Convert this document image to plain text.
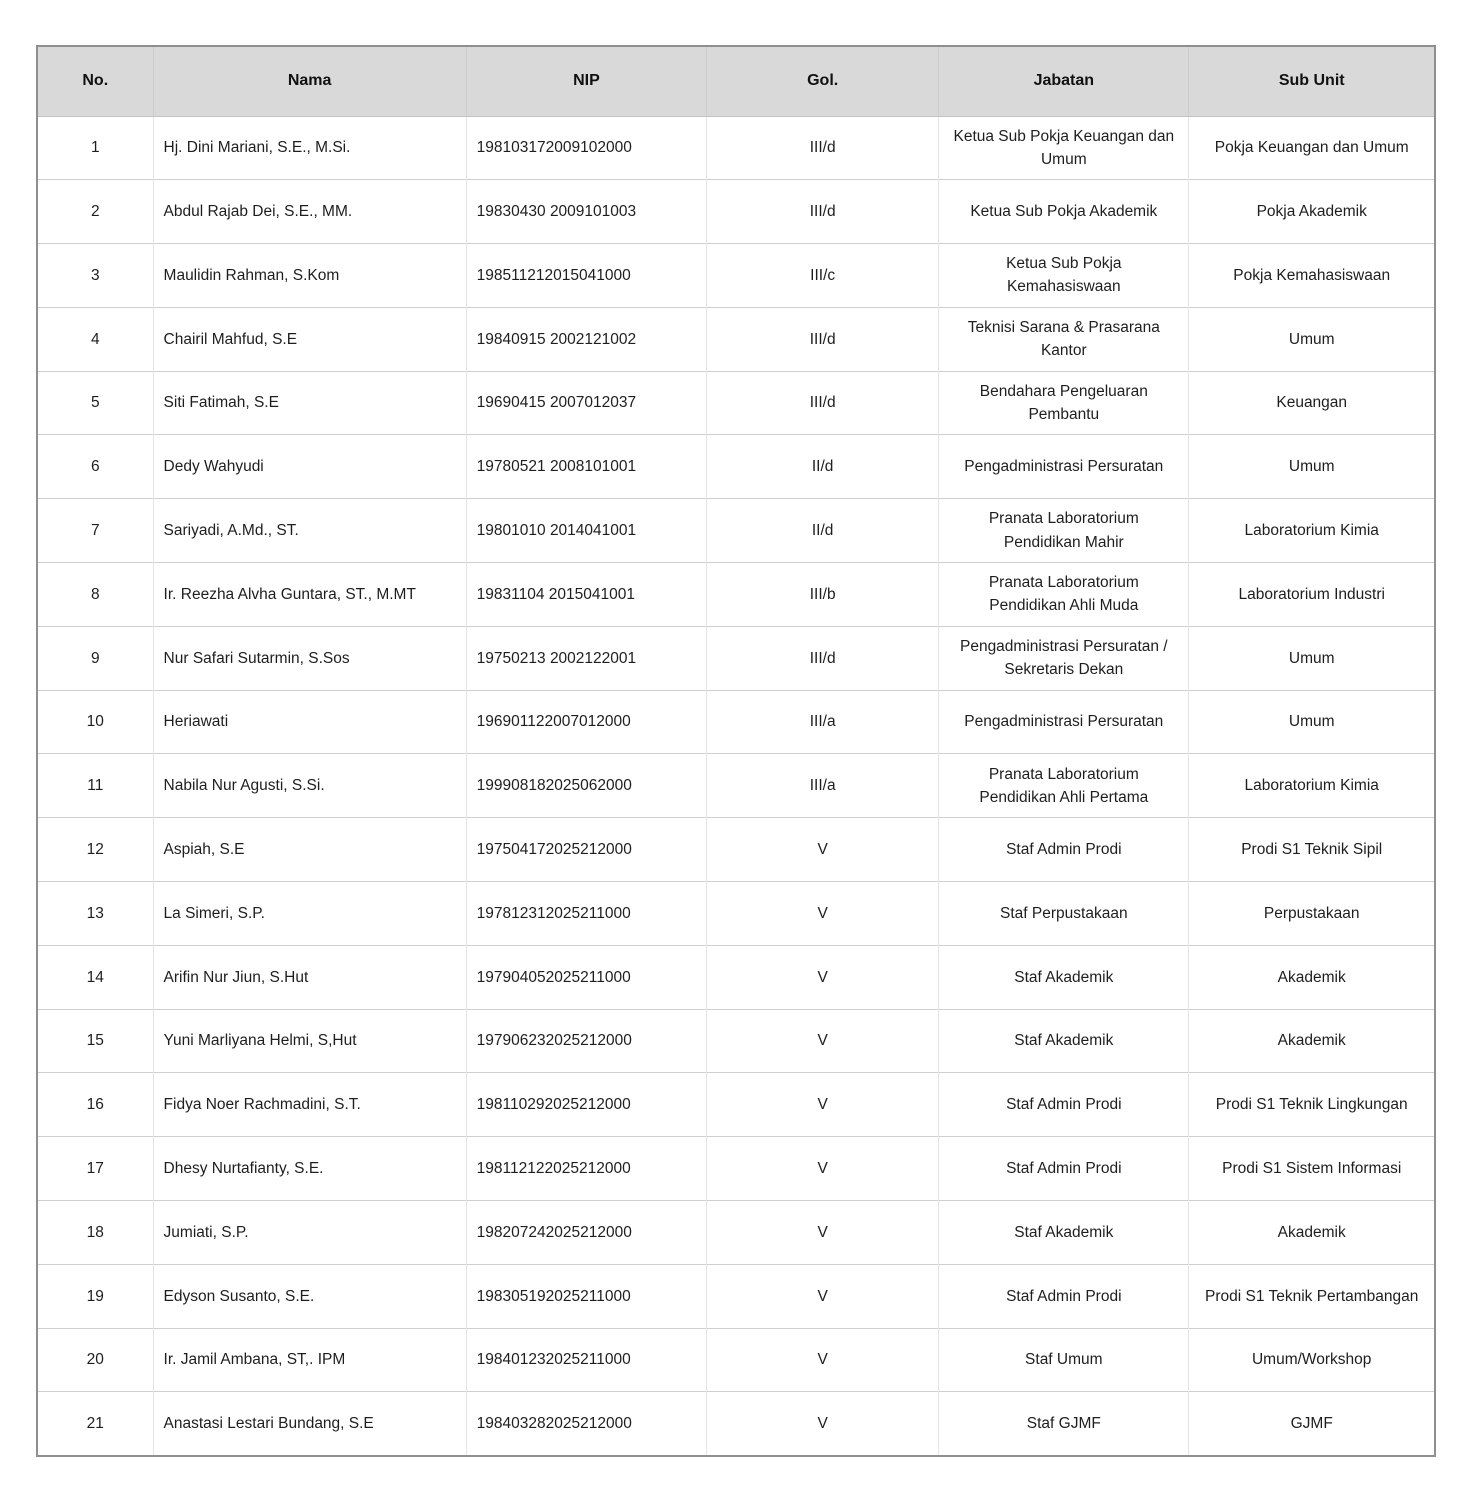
No.	Nama	NIP	Gol.	Jabatan	Sub Unit
1	Hj. Dini Mariani, S.E., M.Si.	198103172009102000	III/d	Ketua Sub Pokja Keuangan dan Umum	Pokja Keuangan dan Umum
2	Abdul Rajab Dei, S.E., MM.	19830430 2009101003	III/d	Ketua Sub Pokja Akademik	Pokja Akademik
3	Maulidin Rahman, S.Kom	198511212015041000	III/c	Ketua Sub Pokja Kemahasiswaan	Pokja Kemahasiswaan
4	Chairil Mahfud, S.E	19840915 2002121002	III/d	Teknisi Sarana & Prasarana Kantor	Umum
5	Siti Fatimah, S.E	19690415 2007012037	III/d	Bendahara Pengeluaran Pembantu	Keuangan
6	Dedy Wahyudi	19780521 2008101001	II/d	Pengadministrasi Persuratan	Umum
7	Sariyadi, A.Md., ST.	19801010 2014041001	II/d	Pranata Laboratorium Pendidikan Mahir	Laboratorium Kimia
8	Ir. Reezha Alvha Guntara, ST., M.MT	19831104 2015041001	III/b	Pranata Laboratorium Pendidikan Ahli Muda	Laboratorium Industri
9	Nur Safari Sutarmin, S.Sos	19750213 2002122001	III/d	Pengadministrasi Persuratan / Sekretaris Dekan	Umum
10	Heriawati	196901122007012000	III/a	Pengadministrasi Persuratan	Umum
11	Nabila Nur Agusti, S.Si.	199908182025062000	III/a	Pranata Laboratorium Pendidikan Ahli Pertama	Laboratorium Kimia
12	Aspiah, S.E	197504172025212000	V	Staf Admin Prodi	Prodi S1 Teknik Sipil
13	La Simeri, S.P.	197812312025211000	V	Staf Perpustakaan	Perpustakaan
14	Arifin Nur Jiun, S.Hut	197904052025211000	V	Staf Akademik	Akademik
15	Yuni Marliyana Helmi, S,Hut	197906232025212000	V	Staf Akademik	Akademik
16	Fidya Noer Rachmadini, S.T.	198110292025212000	V	Staf Admin Prodi	Prodi S1 Teknik Lingkungan
17	Dhesy Nurtafianty, S.E.	198112122025212000	V	Staf Admin Prodi	Prodi S1 Sistem Informasi
18	Jumiati, S.P.	198207242025212000	V	Staf Akademik	Akademik
19	Edyson Susanto, S.E.	198305192025211000	V	Staf Admin Prodi	Prodi S1 Teknik Pertambangan
20	Ir. Jamil Ambana, ST,. IPM	198401232025211000	V	Staf Umum	Umum/Workshop
21	Anastasi Lestari Bundang, S.E	198403282025212000	V	Staf GJMF	GJMF
